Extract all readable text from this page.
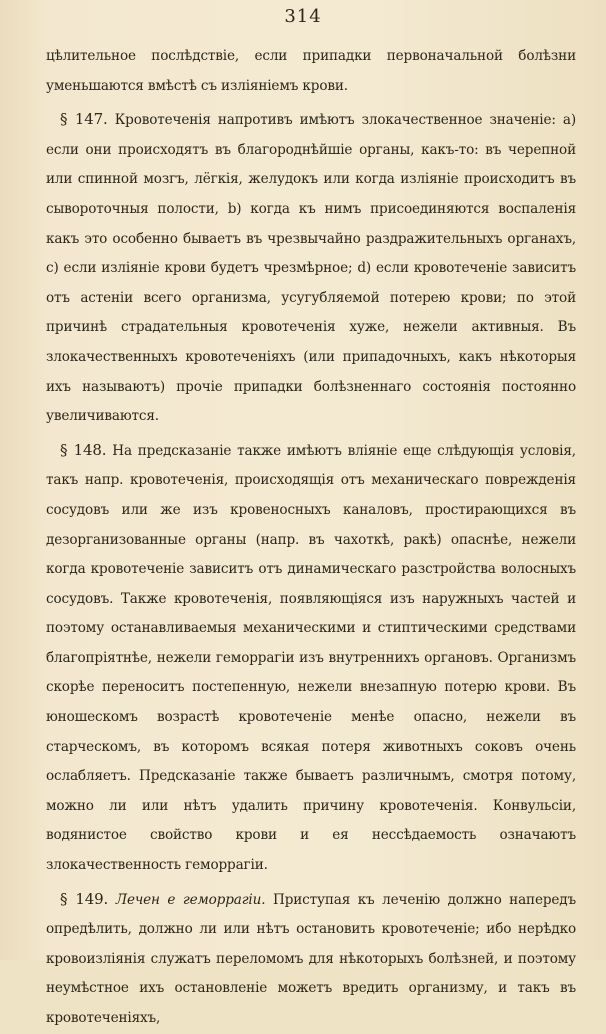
314

цѣлительное послѣдствіе, если припадки первоначальной болѣзни уменьшаются вмѣстѣ съ изліяніемъ крови.

§ 147. Кровотеченія напротивъ имѣютъ злокачественное значеніе: a) если они происходятъ въ благороднѣйшіе органы, какъ-то: въ черепной или спинной мозгъ, лёгкія, желудокъ или когда изліяніе происходитъ въ сывороточныя полости, b) когда къ нимъ присоединяются воспаленія какъ это особенно бываетъ въ чрезвычайно раздражительныхъ органахъ, c) если изліяніе крови будетъ чрезмѣрное; d) если кровотеченіе зависитъ отъ астеніи всего организма, усугубляемой потерею крови; по этой причинѣ страдательныя кровотеченія хуже, нежели активныя. Въ злокачественныхъ кровотеченіяхъ (или припадочныхъ, какъ нѣкоторыя ихъ называютъ) прочіе припадки болѣзненнаго состоянія постоянно увеличиваются.

§ 148. На предсказаніе также имѣютъ вліяніе еще слѣдующія условія, такъ напр. кровотеченія, происходящія отъ механическаго поврежденія сосудовъ или же изъ кровеносныхъ каналовъ, простирающихся въ дезорганизованные органы (напр. въ чахоткѣ, ракѣ) опаснѣе, нежели когда кровотеченіе зависитъ отъ динамическаго разстройства волосныхъ сосудовъ. Также кровотеченія, появляющіяся изъ наружныхъ частей и поэтому останавливаемыя механическими и стиптическими средствами благопріятнѣе, нежели геморрагіи изъ внутреннихъ органовъ. Организмъ скорѣе переноситъ постепенную, нежели внезапную потерю крови. Въ юношескомъ возрастѣ кровотеченіе менѣе опасно, нежели въ старческомъ, въ которомъ всякая потеря животныхъ соковъ очень ослабляетъ. Предсказаніе также бываетъ различнымъ, смотря потому, можно ли или нѣтъ удалить причину кровотеченія. Конвульсіи, водянистое свойство крови и ея нессѣдаемость означаютъ злокачественность геморрагіи.

§ 149. Лечен е геморрагіи. Приступая къ леченію должно напередъ опредѣлить, должно ли или нѣтъ остановить кровотеченіе; ибо нерѣдко кровоизліянія служатъ переломомъ для нѣкоторыхъ болѣзней, и поэтому неумѣстное ихъ остановленіе можетъ вредить организму, и такъ въ кровотеченіяхъ,
